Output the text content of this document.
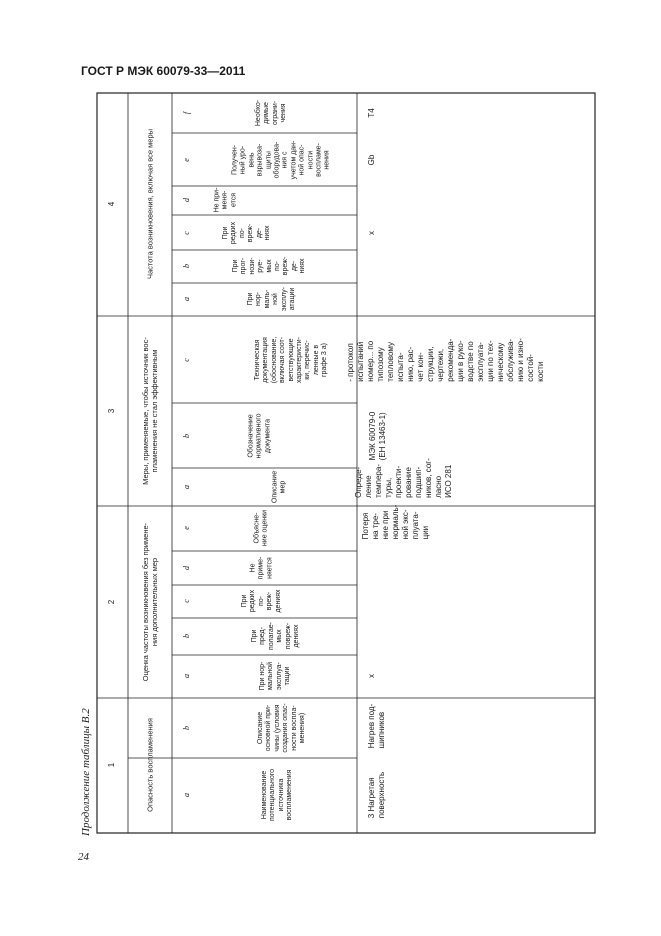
ГОСТ Р МЭК 60079-33—2011
Продолжение таблицы В.2
24
4	Частота возникновения, включая все меры
3
Меры, применяемые, чтобы источник вос-
пламенения не стал эффективным
2
Оценка частоты возникновения без примене-
ния дополнительных мер
1	Опасность воспламенения
f
e
d
c
b
a
c
b
a
e
d
c
b
a
b
a
Необхо-
димые
ограни-
чения
Получен-
ный уро-
вень
взрывоза-
щиты
оборудова-
ния с
учетом дан-
ной опас-
ности
воспламе-
нения
Не при-
меня-
ется
При
редких
по-
вреж-
де-
ниях
При
прог-
нози-
руе-
мых
по-
вреж-
де-
ниях
При
нор-
маль-
ной
эксплу-
атации
Техническая
документация
(обоснование,
включая соот-
ветствующие
характеристи-
ки, перечис-
ленные в
графе 3 а)
Обозначение
нормативного
документа
Описание
мер
Объясне-
ние оценки
Не
приме-
няется
При
редких
по-
вреж-
дениях
При
пред-
полагае-
мых
повреж-
дениях
При нор-
мальной
эксплуа-
тации
Описание
основной при-
чины (условия
создания опас-
ности воспла-
менения)
Наименование
потенциального
источника
воспламенения
T4
Gb
x
- протокол
испытаний
номер... по
типозому
тепловому
испыта-
нию, рас-
чет кон-
струкции,
чертежи,
рекоменда-
ции в руко-
водстве по
эксплуата-
ции по тех-
ническому
обслужива-
нию и изно-
состой-
кости
МЭК 60079-0
(ЕН 13463-1)
Опреде-
ление
темпера-
туры,
проекти-
рование
подшип-
ников, сог-
ласно
ИСО 281
Потеря
на тре-
ние при
нормаль-
ной экс-
плуата-
ции
x
Нагрев под-
шипников
3 Нагретая
поверхность
